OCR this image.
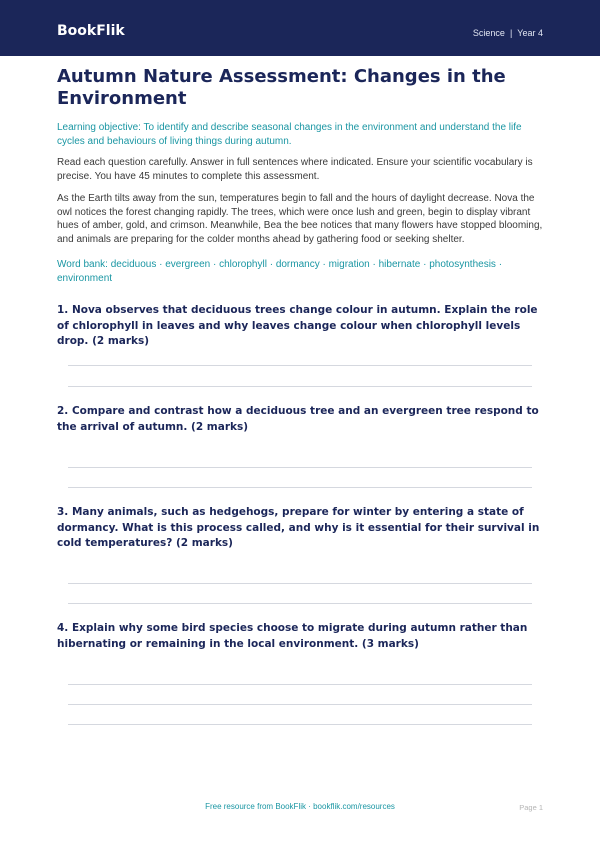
BookFlik	Science | Year 4
Autumn Nature Assessment: Changes in the Environment

Learning objective: To identify and describe seasonal changes in the environment and understand the life cycles and behaviours of living things during autumn.

Read each question carefully. Answer in full sentences where indicated. Ensure your scientific vocabulary is precise. You have 45 minutes to complete this assessment.

As the Earth tilts away from the sun, temperatures begin to fall and the hours of daylight decrease. Nova the owl notices the forest changing rapidly. The trees, which were once lush and green, begin to display vibrant hues of amber, gold, and crimson. Meanwhile, Bea the bee notices that many flowers have stopped blooming, and animals are preparing for the colder months ahead by gathering food or seeking shelter.

Word bank: deciduous · evergreen · chlorophyll · dormancy · migration · hibernate · photosynthesis · environment

1. Nova observes that deciduous trees change colour in autumn. Explain the role of chlorophyll in leaves and why leaves change colour when chlorophyll levels drop. (2 marks)

2. Compare and contrast how a deciduous tree and an evergreen tree respond to the arrival of autumn. (2 marks)

3. Many animals, such as hedgehogs, prepare for winter by entering a state of dormancy. What is this process called, and why is it essential for their survival in cold temperatures? (2 marks)

4. Explain why some bird species choose to migrate during autumn rather than hibernating or remaining in the local environment. (3 marks)

Free resource from BookFlik · bookflik.com/resources	Page 1
